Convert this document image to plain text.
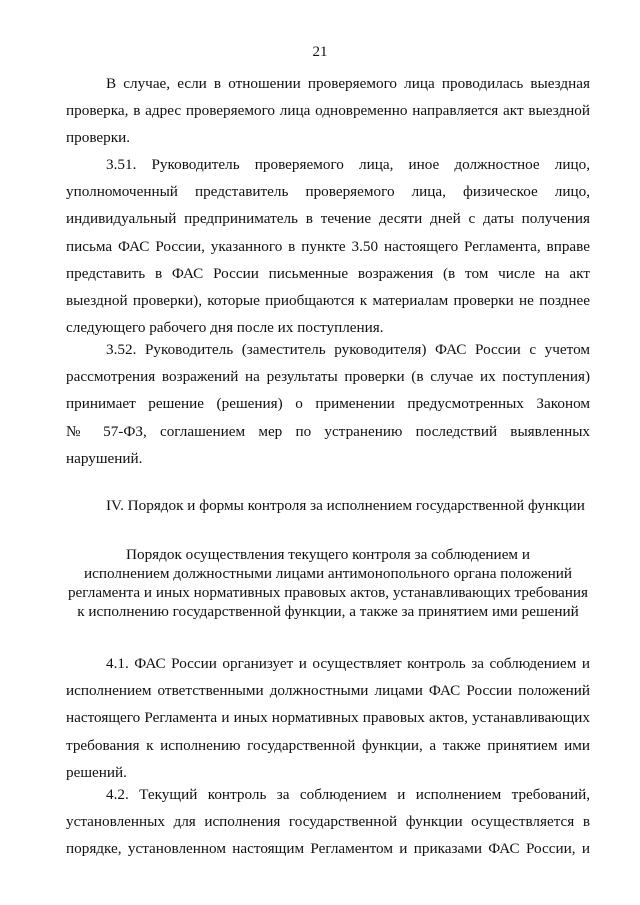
21
В случае, если в отношении проверяемого лица проводилась выездная
проверка, в адрес проверяемого лица одновременно направляется акт выездной
проверки.
3.51. Руководитель проверяемого лица, иное должностное лицо,
уполномоченный представитель проверяемого лица, физическое лицо,
индивидуальный предприниматель в течение десяти дней с даты получения
письма ФАС России, указанного в пункте 3.50 настоящего Регламента, вправе
представить в ФАС России письменные возражения (в том числе на акт
выездной проверки), которые приобщаются к материалам проверки не позднее
следующего рабочего дня после их поступления.
3.52. Руководитель (заместитель руководителя) ФАС России с учетом
рассмотрения возражений на результаты проверки (в случае их поступления)
принимает решение (решения) о применении предусмотренных Законом
№ 57-ФЗ, соглашением мер по устранению последствий выявленных
нарушений.
IV. Порядок и формы контроля за исполнением государственной функции
Порядок осуществления текущего контроля за соблюдением и
исполнением должностными лицами антимонопольного органа положений
регламента и иных нормативных правовых актов, устанавливающих требования
к исполнению государственной функции, а также за принятием ими решений
4.1. ФАС России организует и осуществляет контроль за соблюдением и
исполнением ответственными должностными лицами ФАС России положений
настоящего Регламента и иных нормативных правовых актов, устанавливающих
требования к исполнению государственной функции, а также принятием ими
решений.
4.2. Текущий контроль за соблюдением и исполнением требований,
установленных для исполнения государственной функции осуществляется в
порядке, установленном настоящим Регламентом и приказами ФАС России, и
